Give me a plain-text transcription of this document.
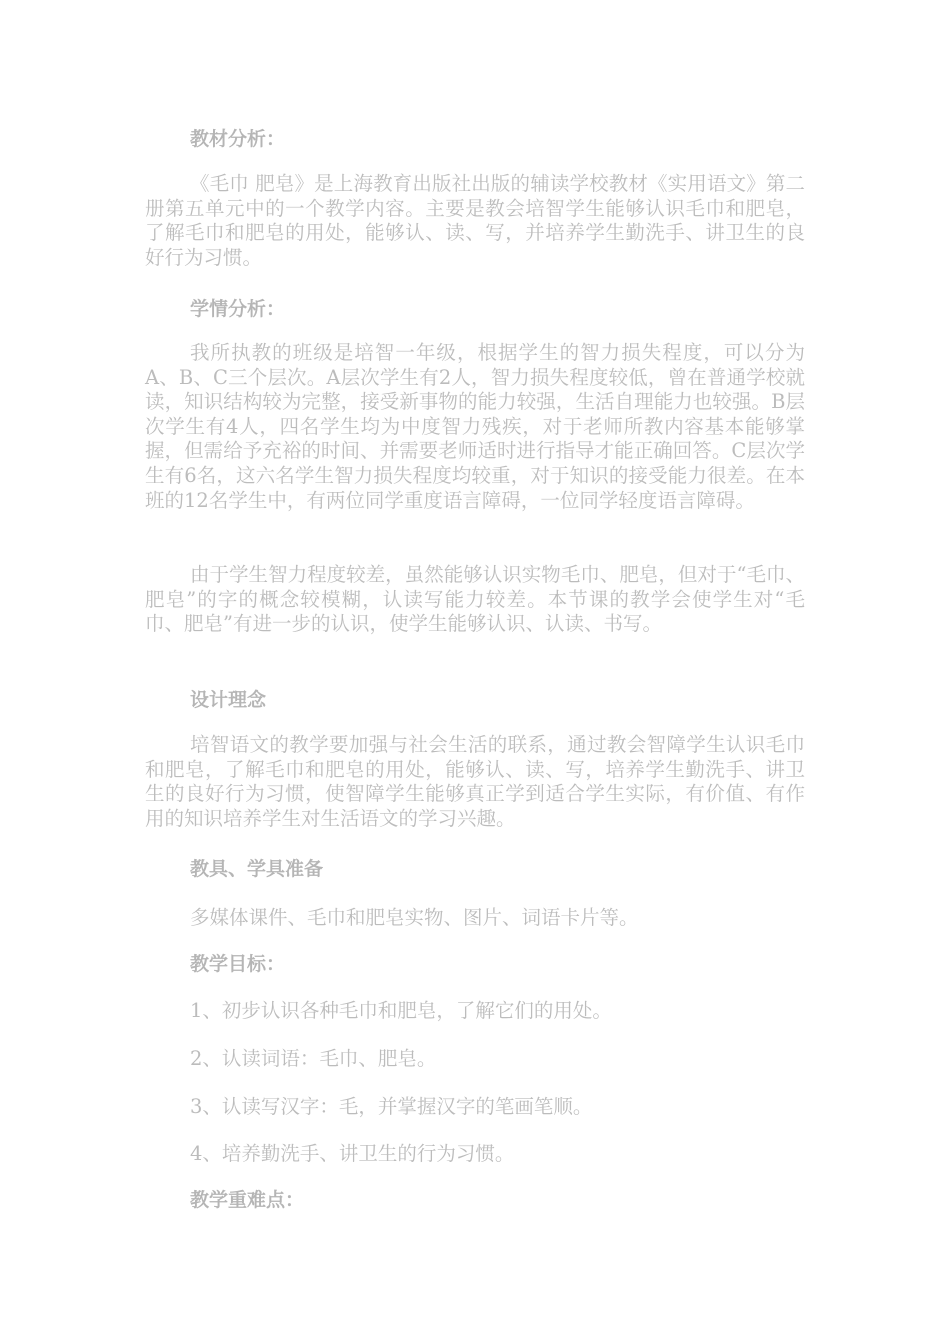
教材分析：

《毛巾 肥皂》是上海教育出版社出版的辅读学校教材《实用语文》第二册第五单元中的一个教学内容。主要是教会培智学生能够认识毛巾和肥皂，了解毛巾和肥皂的用处，能够认、读、写，并培养学生勤洗手、讲卫生的良好行为习惯。

学情分析：

我所执教的班级是培智一年级，根据学生的智力损失程度，可以分为A、B、C三个层次。A层次学生有2人，智力损失程度较低，曾在普通学校就读，知识结构较为完整，接受新事物的能力较强，生活自理能力也较强。B层次学生有4人，四名学生均为中度智力残疾，对于老师所教内容基本能够掌握，但需给予充裕的时间、并需要老师适时进行指导才能正确回答。C层次学生有6名，这六名学生智力损失程度均较重，对于知识的接受能力很差。在本班的12名学生中，有两位同学重度语言障碍，一位同学轻度语言障碍。

由于学生智力程度较差，虽然能够认识实物毛巾、肥皂，但对于“毛巾、肥皂”的字的概念较模糊，认读写能力较差。本节课的教学会使学生对“毛巾、肥皂”有进一步的认识，使学生能够认识、认读、书写。

设计理念

培智语文的教学要加强与社会生活的联系，通过教会智障学生认识毛巾和肥皂，了解毛巾和肥皂的用处，能够认、读、写，培养学生勤洗手、讲卫生的良好行为习惯，使智障学生能够真正学到适合学生实际，有价值、有作用的知识培养学生对生活语文的学习兴趣。

教具、学具准备
多媒体课件、毛巾和肥皂实物、图片、词语卡片等。
教学目标：
1、初步认识各种毛巾和肥皂，了解它们的用处。
2、认读词语：毛巾、肥皂。
3、认读写汉字：毛，并掌握汉字的笔画笔顺。
4、培养勤洗手、讲卫生的行为习惯。
教学重难点：
